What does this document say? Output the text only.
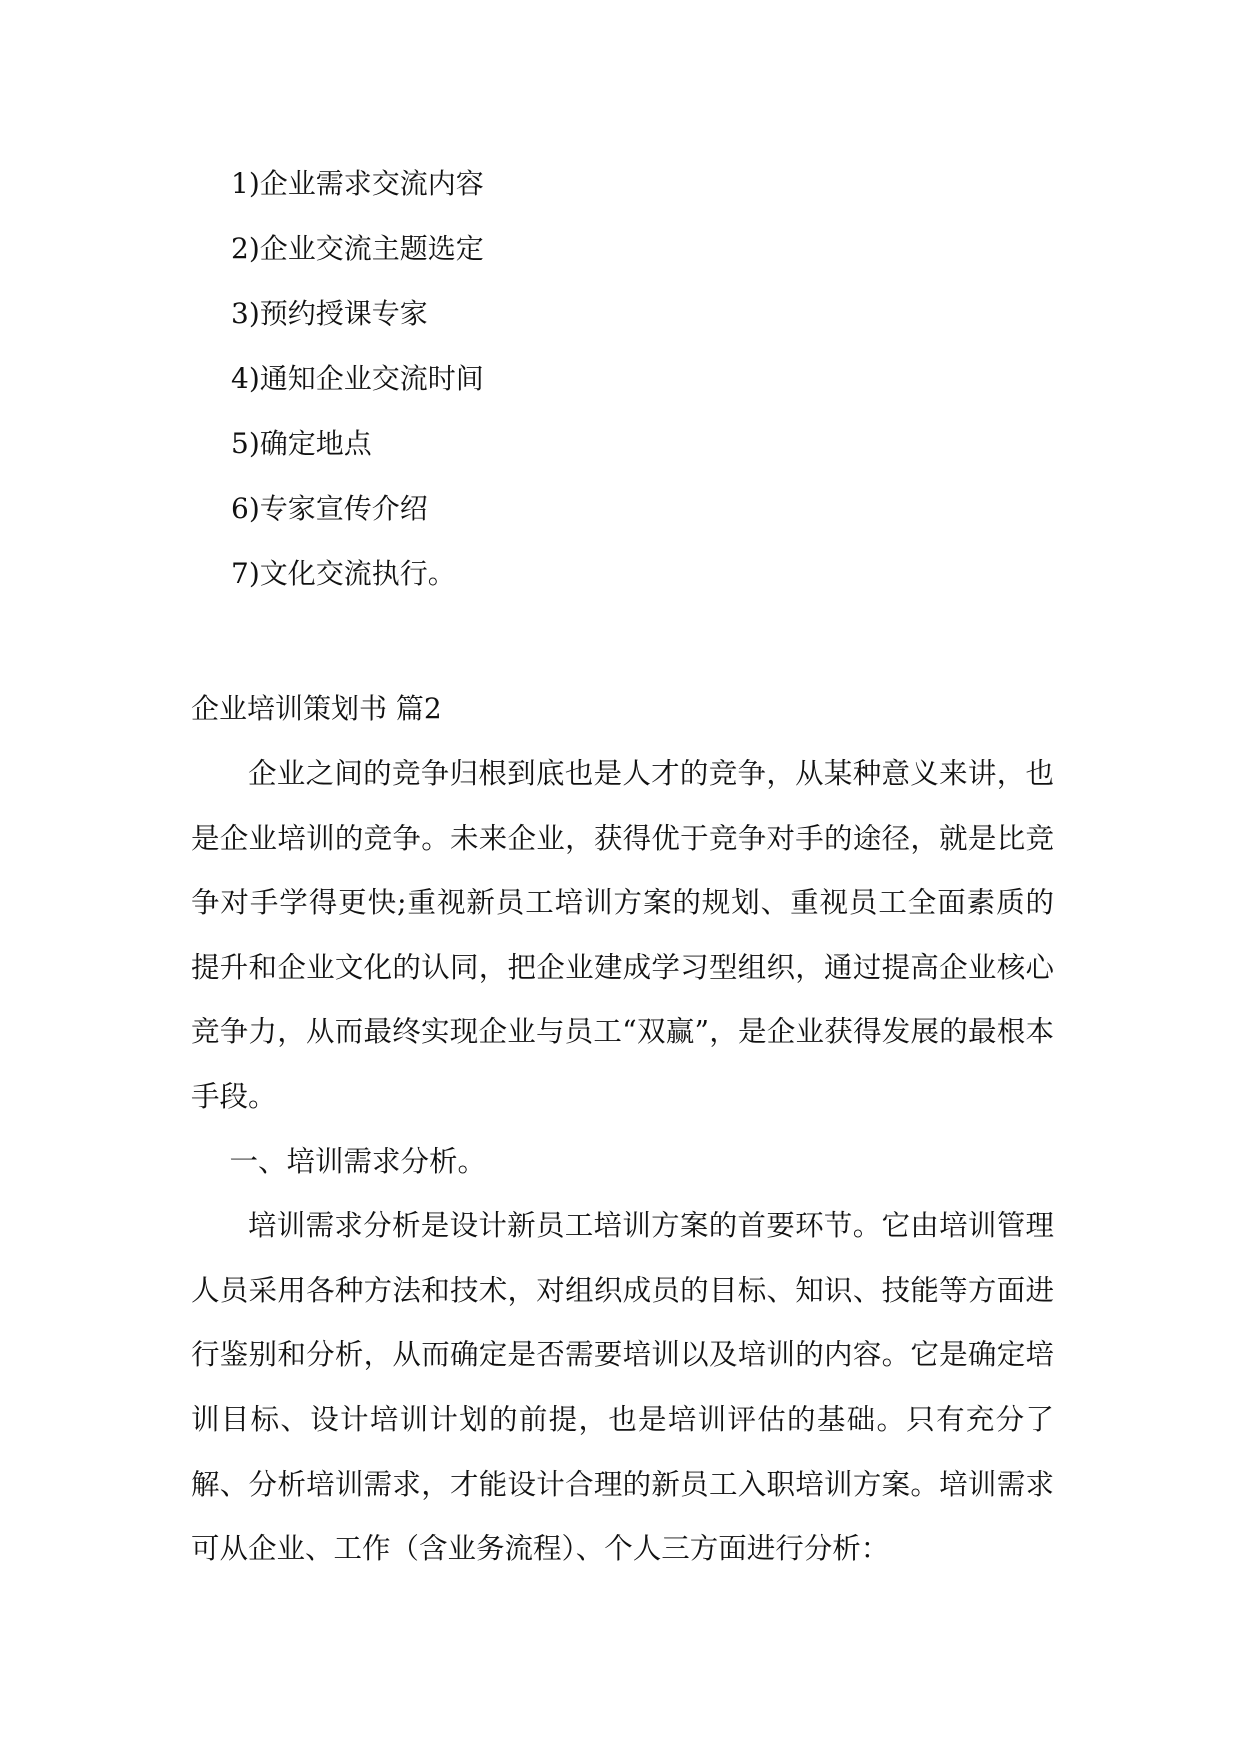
1)企业需求交流内容
2)企业交流主题选定
3)预约授课专家
4)通知企业交流时间
5)确定地点
6)专家宣传介绍
7)文化交流执行。
企业培训策划书 篇2

企业之间的竞争归根到底也是人才的竞争，从某种意义来讲，也是企业培训的竞争。未来企业，获得优于竞争对手的途径，就是比竞争对手学得更快;重视新员工培训方案的规划、重视员工全面素质的提升和企业文化的认同，把企业建成学习型组织，通过提高企业核心竞争力，从而最终实现企业与员工“双赢”，是企业获得发展的最根本手段。

一、培训需求分析。

培训需求分析是设计新员工培训方案的首要环节。它由培训管理人员采用各种方法和技术，对组织成员的目标、知识、技能等方面进行鉴别和分析，从而确定是否需要培训以及培训的内容。它是确定培训目标、设计培训计划的前提，也是培训评估的基础。只有充分了解、分析培训需求，才能设计合理的新员工入职培训方案。培训需求可从企业、工作（含业务流程）、个人三方面进行分析：
